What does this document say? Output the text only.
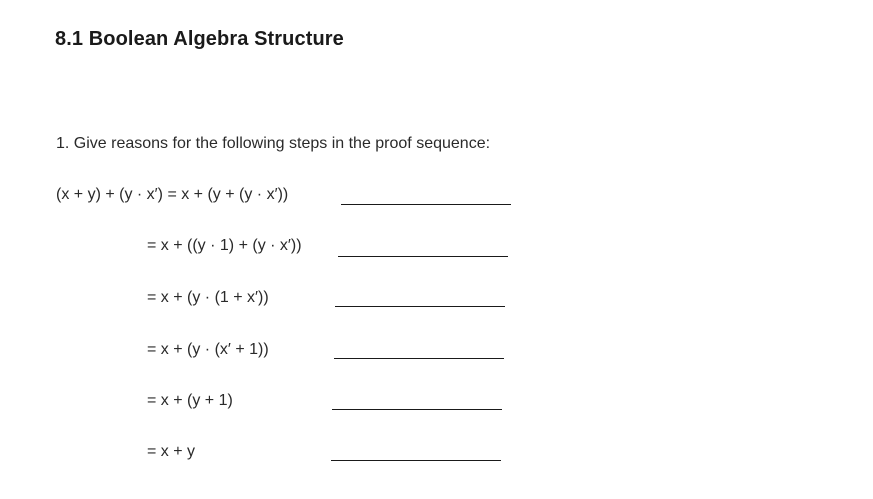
8.1 Boolean Algebra Structure
1. Give reasons for the following steps in the proof sequence:
(x + y) + (y · x′) = x + (y + (y · x′))
= x + ((y · 1) + (y · x′))
= x + (y · (1 + x′))
= x + (y · (x′ + 1))
= x + (y + 1)
= x + y
